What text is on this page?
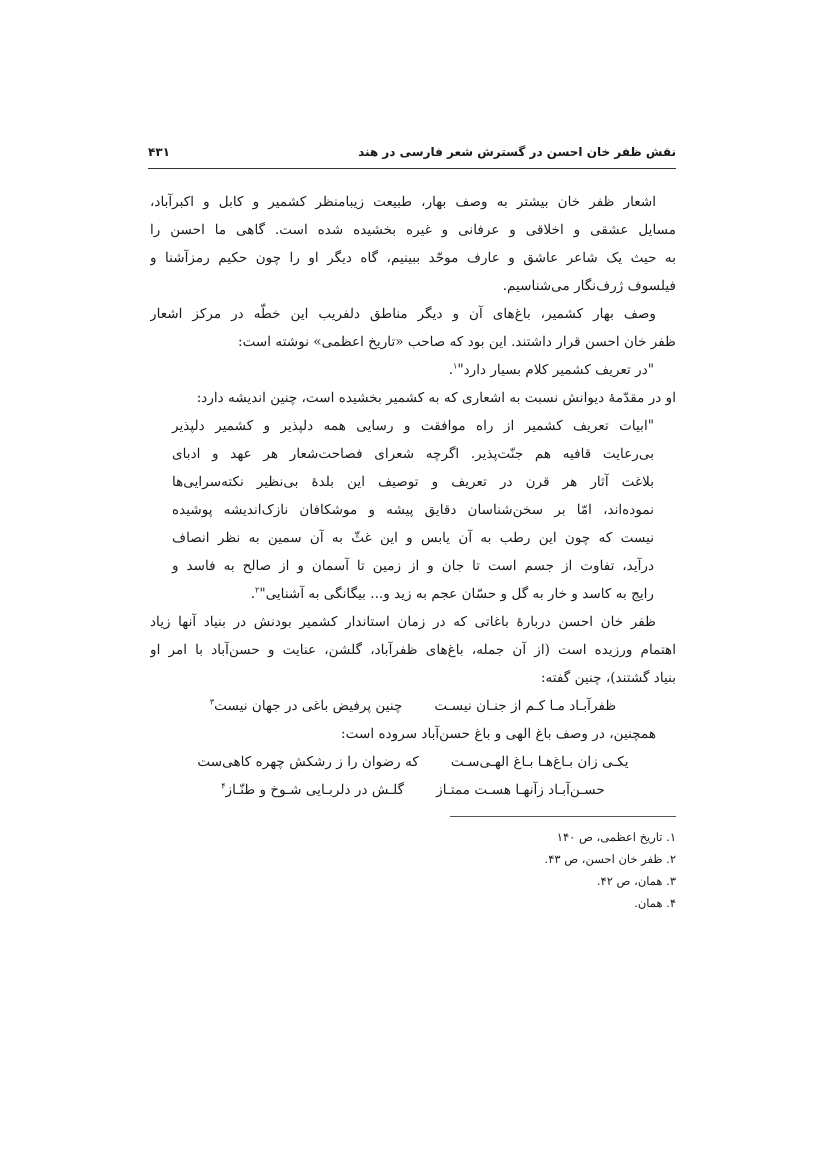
نقش ظفر خان احسن در گسترش شعر فارسی در هند
۴۳۱
اشعار ظفر خان بیشتر به وصف بهار، طبیعت زیبامنظر کشمیر و کابل و اکبرآباد،
مسایل عشقی و اخلاقی و عرفانی و غیره بخشیده شده است. گاهی ما احسن را
به حیث یک شاعر عاشق و عارف موحّد ببینیم، گاه دیگر او را چون حکیم رمزآشنا و
فیلسوف ژرف‌نگار می‌شناسیم.
وصف بهار کشمیر، باغ‌های آن و دیگر مناطق دلفریب این خطّه در مرکز اشعار
ظفر خان احسن قرار داشتند. این بود که صاحب «تاریخ اعظمی» نوشته است:
"در تعریف کشمیر کلام بسیار دارد"$^۱$.
او در مقدّمهٔ دیوانش نسبت به اشعاری که به کشمیر بخشیده است، چنین اندیشه دارد:
"ابیات تعریف کشمیر از راه موافقت و رسایی همه دلپذیر و کشمیر دلپذیر
بی‌رعایت قافیه هم جنّت‌پذیر. اگرچه شعرای فصاحت‌شعار هر عهد و ادبای
بلاغت آثار هر قرن در تعریف و توصیف این بلدهٔ بی‌نظیر نکته‌سرایی‌ها
نموده‌اند، امّا بر سخن‌شناسان دقایق پیشه و موشکافان نازک‌اندیشه پوشیده
نیست که چون این رطب به آن یابس و این غثّ به آن سمین به نظر انصاف
درآید، تفاوت از جسم است تا جان و از زمین تا آسمان و از صالح به فاسد و
رایج به کاسد و خار به گل و حسّان عجم به زید و... بیگانگی به آشنایی"$^۲$.
ظفر خان احسن دربارهٔ باغاتی که در زمان استاندار کشمیر بودنش در بنیاد آنها زیاد
اهتمام ورزیده است (از آن جمله، باغ‌های ظفرآباد، گلشن، عنایت و حسن‌آباد با امر او
بنیاد گشتند)، چنین گفته:
ظفرآبـاد مـا کـم از جنـان نیسـت
چنین پرفیض باغی در جهان نیست$^۳$
همچنین، در وصف باغ الهی و باغ حسن‌آباد سروده است:
یکـی زان بـاغ‌هـا بـاغ الهـی‌سـت
که رضوان را ز رشکش چهره کاهی‌ست
حسـن‌آبـاد زآنهـا هسـت ممتـاز
گلـش در دلربـایی شـوخ و طنّـاز$^۴$
۱. تاریخ اعظمی، ص ۱۴۰
۲. ظفر خان احسن، ص ۴۳.
۳. همان، ص ۴۲.
۴. همان.
